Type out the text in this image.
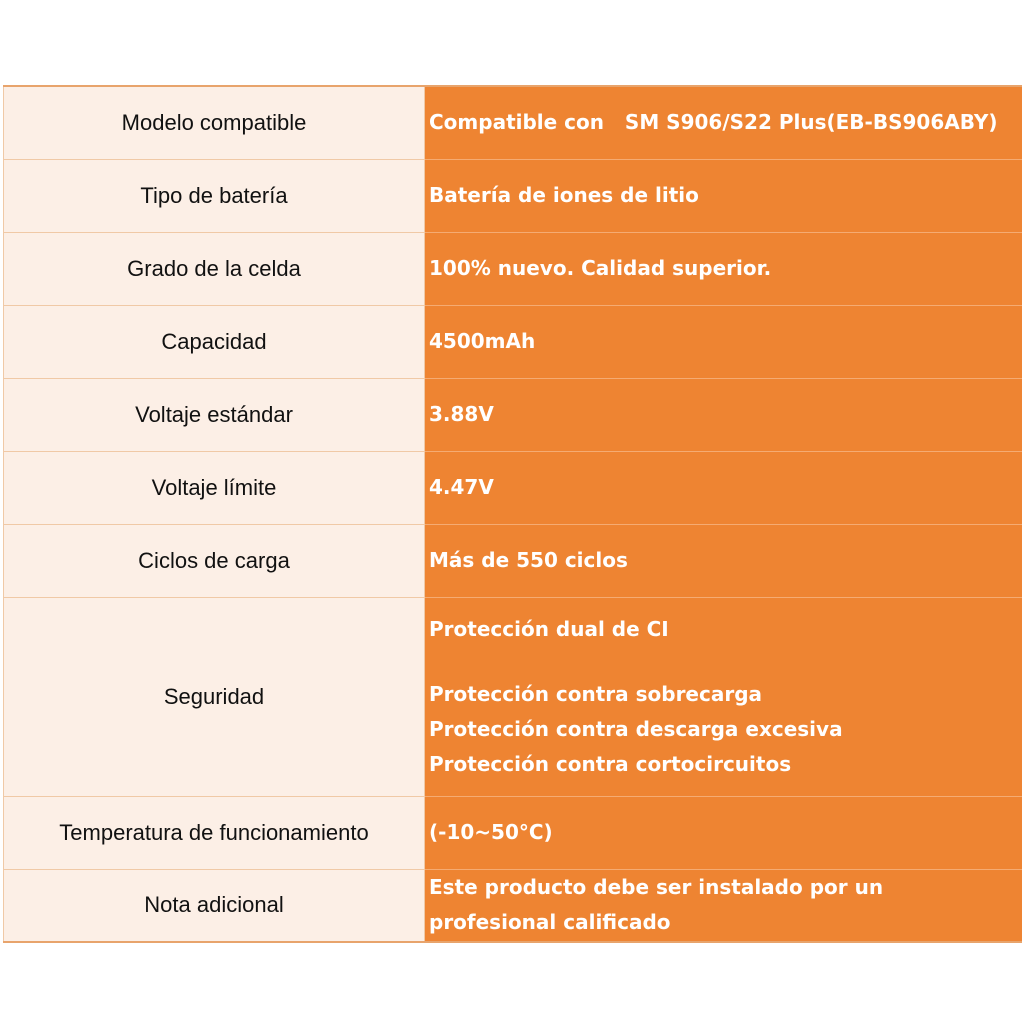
Modelo compatible	Compatible con   SM S906/S22 Plus(EB-BS906ABY)
Tipo de batería	Batería de iones de litio
Grado de la celda	100% nuevo. Calidad superior.
Capacidad	4500mAh
Voltaje estándar	3.88V
Voltaje límite	4.47V
Ciclos de carga	Más de 550 ciclos
Seguridad	Protección dual de CI
Protección contra sobrecarga
Protección contra descarga excesiva
Protección contra cortocircuitos

Temperatura de funcionamiento	(-10~50°C)
Nota adicional	Este producto debe ser instalado por un
profesional calificado
